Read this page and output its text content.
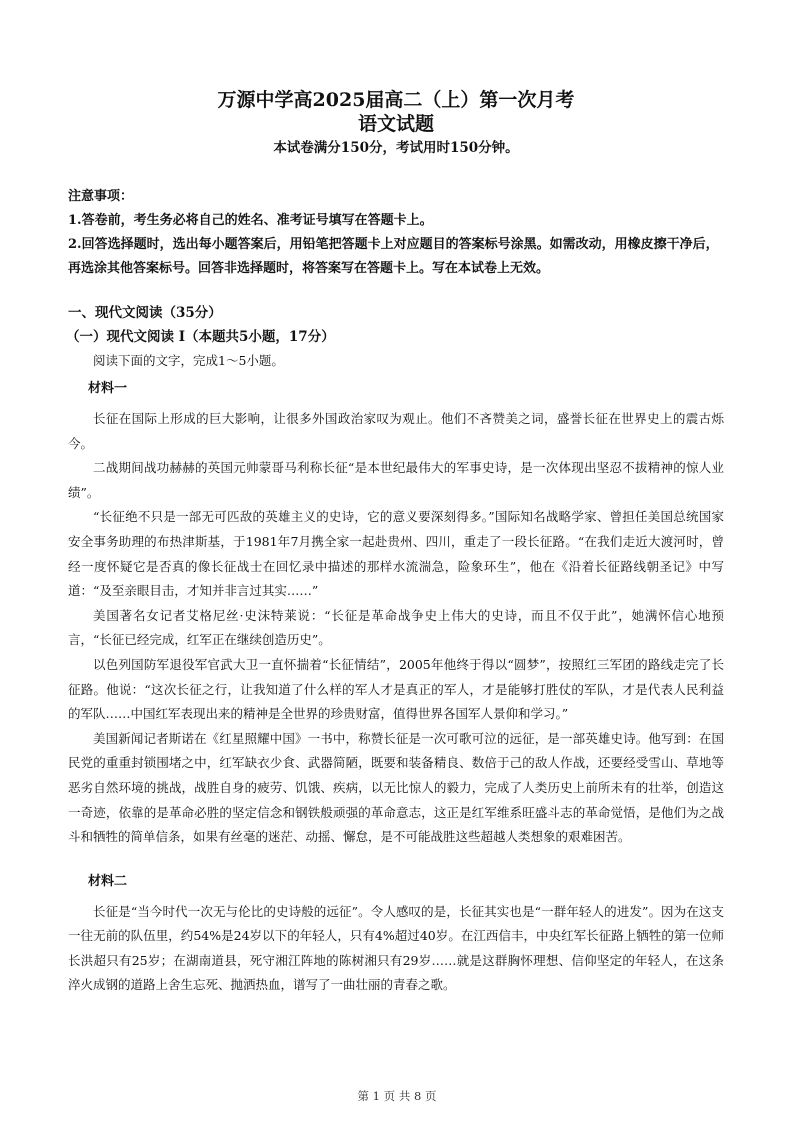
万源中学高2025届高二（上）第一次月考
语文试题
本试卷满分150分，考试用时150分钟。

注意事项：

1.答卷前，考生务必将自己的姓名、准考证号填写在答题卡上。

2.回答选择题时，选出每小题答案后，用铅笔把答题卡上对应题目的答案标号涂黑。如需改动，用橡皮擦干净后，再选涂其他答案标号。回答非选择题时，将答案写在答题卡上。写在本试卷上无效。

一、现代文阅读（35分）
（一）现代文阅读 I（本题共5小题，17分）

阅读下面的文字，完成1～5小题。

材料一

长征在国际上形成的巨大影响，让很多外国政治家叹为观止。他们不吝赞美之词，盛誉长征在世界史上的震古烁今。

二战期间战功赫赫的英国元帅蒙哥马利称长征“是本世纪最伟大的军事史诗，是一次体现出坚忍不拔精神的惊人业绩”。

“长征绝不只是一部无可匹敌的英雄主义的史诗，它的意义要深刻得多。”国际知名战略学家、曾担任美国总统国家安全事务助理的布热津斯基，于1981年7月携全家一起赴贵州、四川，重走了一段长征路。“在我们走近大渡河时，曾经一度怀疑它是否真的像长征战士在回忆录中描述的那样水流湍急，险象环生”，他在《沿着长征路线朝圣记》中写道：“及至亲眼目击，才知并非言过其实……”

美国著名女记者艾格尼丝·史沫特莱说：“长征是革命战争史上伟大的史诗，而且不仅于此”，她满怀信心地预言，“长征已经完成，红军正在继续创造历史”。

以色列国防军退役军官武大卫一直怀揣着“长征情结”，2005年他终于得以“圆梦”，按照红三军团的路线走完了长征路。他说：“这次长征之行，让我知道了什么样的军人才是真正的军人，才是能够打胜仗的军队，才是代表人民利益的军队……中国红军表现出来的精神是全世界的珍贵财富，值得世界各国军人景仰和学习。”

美国新闻记者斯诺在《红星照耀中国》一书中，称赞长征是一次可歌可泣的远征，是一部英雄史诗。他写到：在国民党的重重封锁围堵之中，红军缺衣少食、武器简陋，既要和装备精良、数倍于己的敌人作战，还要经受雪山、草地等恶劣自然环境的挑战，战胜自身的疲劳、饥饿、疾病，以无比惊人的毅力，完成了人类历史上前所未有的壮举，创造这一奇迹，依靠的是革命必胜的坚定信念和钢铁般顽强的革命意志，这正是红军维系旺盛斗志的革命觉悟，是他们为之战斗和牺牲的简单信条，如果有丝毫的迷茫、动摇、懈怠，是不可能战胜这些超越人类想象的艰难困苦。

材料二

长征是“当今时代一次无与伦比的史诗般的远征”。令人感叹的是，长征其实也是“一群年轻人的进发”。因为在这支一往无前的队伍里，约54%是24岁以下的年轻人，只有4%超过40岁。在江西信丰，中央红军长征路上牺牲的第一位师长洪超只有25岁；在湖南道县，死守湘江阵地的陈树湘只有29岁……就是这群胸怀理想、信仰坚定的年轻人，在这条淬火成钢的道路上舍生忘死、抛洒热血，谱写了一曲壮丽的青春之歌。

第 1 页 共 8 页
